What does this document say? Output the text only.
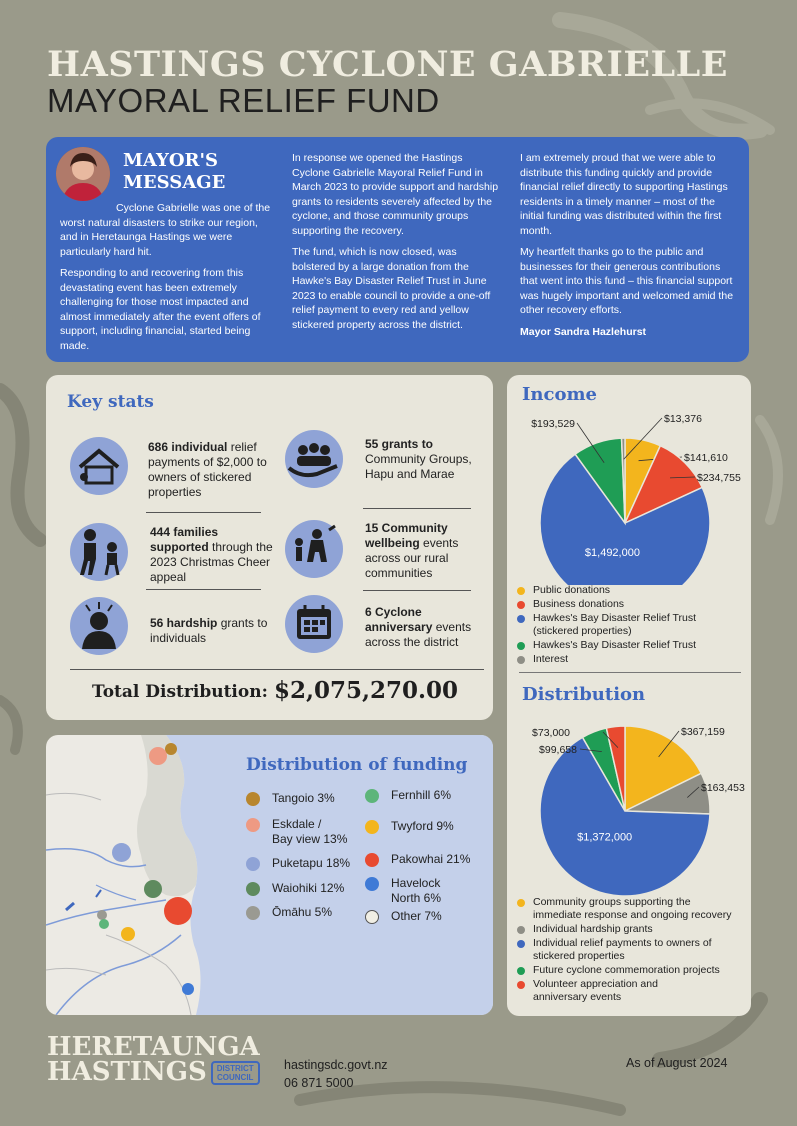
HASTINGS CYCLONE GABRIELLE
MAYORAL RELIEF FUND
MAYOR'S
MESSAGE

Cyclone Gabrielle was one of the worst natural disasters to strike our region, and in Heretaunga Hastings we were particularly hard hit.

Responding to and recovering from this devastating event has been extremely challenging for those most impacted and almost immediately after the event offers of support, including financial, started being made.

In response we opened the Hastings Cyclone Gabrielle Mayoral Relief Fund in March 2023 to provide support and hardship grants to residents severely affected by the cyclone, and those community groups supporting the recovery.

The fund, which is now closed, was bolstered by a large donation from the Hawke's Bay Disaster Relief Trust in June 2023 to enable council to provide a one-off relief payment to every red and yellow stickered property across the district.

I am extremely proud that we were able to distribute this funding quickly and provide financial relief directly to supporting Hastings residents in a timely manner – most of the initial funding was distributed within the first month.

My heartfelt thanks go to the public and businesses for their generous contributions that went into this fund – this financial support was hugely important and welcomed amid the other recovery efforts.

Mayor Sandra Hazlehurst

Key stats
686 individual relief payments of $2,000 to owners of stickered properties
55 grants to Community Groups, Hapu and Marae
444 families supported through the 2023 Christmas Cheer appeal
15 Community wellbeing events across our rural communities
56 hardship grants to individuals
6 Cyclone anniversary events across the district
Total Distribution: $2,075,270.00
Income
Distribution
$141,610
$234,755
$1,492,000
$193,529	$13,376
$367,159
$163,453
$1,372,000
$99,658
$73,000
Public donations
Business donations
Hawkes's Bay Disaster Relief Trust
(stickered properties)
Hawkes's Bay Disaster Relief Trust
Interest
Community groups supporting the
immediate response and ongoing recovery
Individual hardship grants
Individual relief payments to owners of
stickered properties
Future cyclone commemoration projects
Volunteer appreciation and
anniversary events
Distribution of funding
Tangoio 3%
Eskdale /
Bay view 13%
Puketapu 18%
Waiohiki 12%
Ōmāhu 5%
Fernhill 6%
Twyford 9%
Pakowhai 21%
Havelock
North 6%
Other 7%
HERETAUNGA
HASTINGS DISTRICT
COUNCIL
hastingsdc.govt.nz
06 871 5000
As of August 2024
